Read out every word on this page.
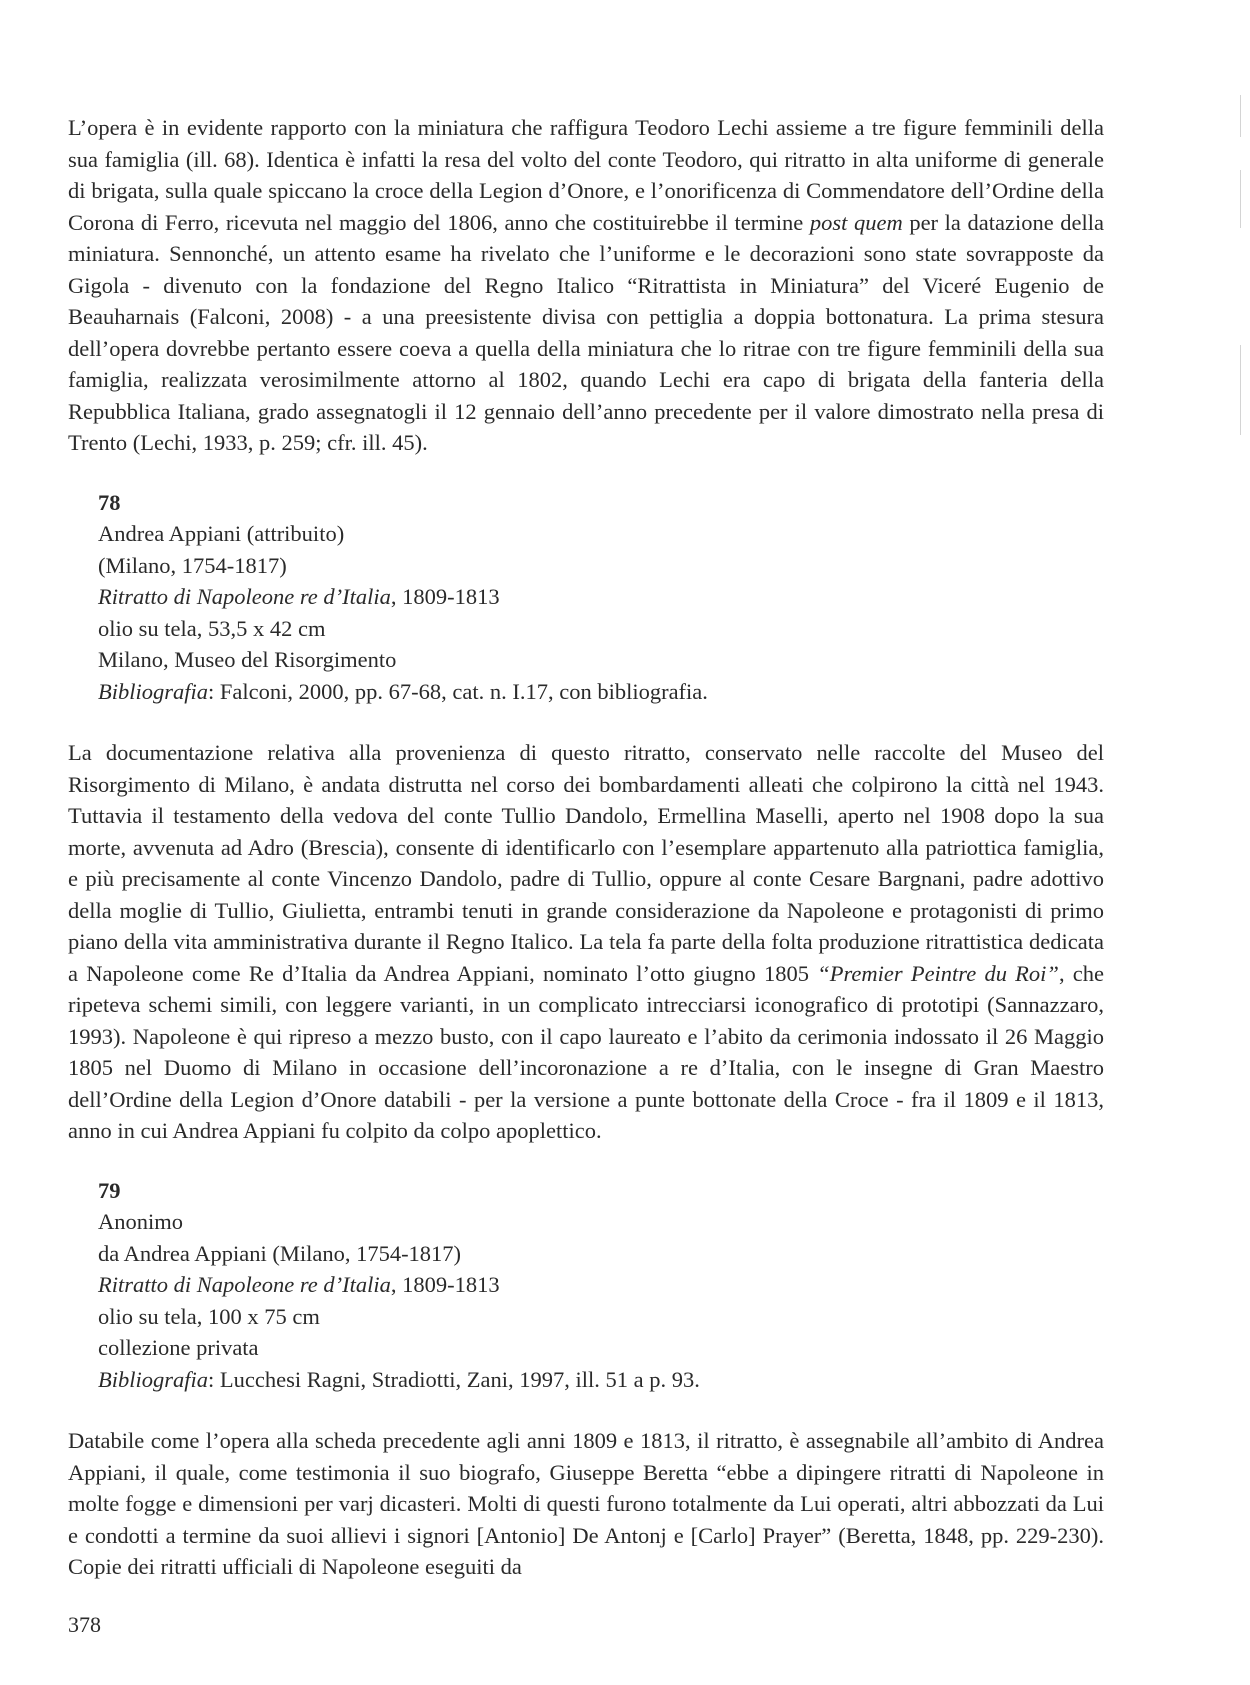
L’opera è in evidente rapporto con la miniatura che raffigura Teodoro Lechi assieme a tre figure femminili della sua famiglia (ill. 68). Identica è infatti la resa del volto del conte Teodoro, qui ritratto in alta uniforme di generale di brigata, sulla quale spiccano la croce della Legion d’Onore, e l’onorificenza di Commendatore dell’Ordine della Corona di Ferro, ricevuta nel maggio del 1806, anno che costituirebbe il termine post quem per la datazione della miniatura. Sennonché, un attento esame ha rivelato che l’uniforme e le decorazioni sono state sovrapposte da Gigola - divenuto con la fondazione del Regno Italico “Ritrattista in Miniatura” del Viceré Eugenio de Beauharnais (Falconi, 2008) - a una preesistente divisa con pettiglia a doppia bottonatura. La prima stesura dell’opera dovrebbe pertanto essere coeva a quella della miniatura che lo ritrae con tre figure femminili della sua famiglia, realizzata verosimilmente attorno al 1802, quando Lechi era capo di brigata della fanteria della Repubblica Italiana, grado assegnatogli il 12 gennaio dell’anno precedente per il valore dimostrato nella presa di Trento (Lechi, 1933, p. 259; cfr. ill. 45).

78
Andrea Appiani (attribuito)
(Milano, 1754-1817)
Ritratto di Napoleone re d’Italia, 1809-1813
olio su tela, 53,5 x 42 cm
Milano, Museo del Risorgimento
Bibliografia: Falconi, 2000, pp. 67-68, cat. n. I.17, con bibliografia.

La documentazione relativa alla provenienza di questo ritratto, conservato nelle raccolte del Museo del Risorgimento di Milano, è andata distrutta nel corso dei bombardamenti alleati che colpirono la città nel 1943. Tuttavia il testamento della vedova del conte Tullio Dandolo, Ermellina Maselli, aperto nel 1908 dopo la sua morte, avvenuta ad Adro (Brescia), consente di identificarlo con l’esemplare appartenuto alla patriottica famiglia, e più precisamente al conte Vincenzo Dandolo, padre di Tullio, oppure al conte Cesare Bargnani, padre adottivo della moglie di Tullio, Giulietta, entrambi tenuti in grande considerazione da Napoleone e protagonisti di primo piano della vita amministrativa durante il Regno Italico. La tela fa parte della folta produzione ritrattistica dedicata a Napoleone come Re d’Italia da Andrea Appiani, nominato l’otto giugno 1805 “Premier Peintre du Roi”, che ripeteva schemi simili, con leggere varianti, in un complicato intrecciarsi iconografico di prototipi (Sannazzaro, 1993). Napoleone è qui ripreso a mezzo busto, con il capo laureato e l’abito da cerimonia indossato il 26 Maggio 1805 nel Duomo di Milano in occasione dell’incoronazione a re d’Italia, con le insegne di Gran Maestro dell’Ordine della Legion d’Onore databili - per la versione a punte bottonate della Croce - fra il 1809 e il 1813, anno in cui Andrea Appiani fu colpito da colpo apoplettico.

79
Anonimo
da Andrea Appiani (Milano, 1754-1817)
Ritratto di Napoleone re d’Italia, 1809-1813
olio su tela, 100 x 75 cm
collezione privata
Bibliografia: Lucchesi Ragni, Stradiotti, Zani, 1997, ill. 51 a p. 93.

Databile come l’opera alla scheda precedente agli anni 1809 e 1813, il ritratto, è assegnabile all’ambito di Andrea Appiani, il quale, come testimonia il suo biografo, Giuseppe Beretta “ebbe a dipingere ritratti di Napoleone in molte fogge e dimensioni per varj dicasteri. Molti di questi furono totalmente da Lui operati, altri abbozzati da Lui e condotti a termine da suoi allievi i signori [Antonio] De Antonj e [Carlo] Prayer” (Beretta, 1848, pp. 229-230). Copie dei ritratti ufficiali di Napoleone eseguiti da

378
